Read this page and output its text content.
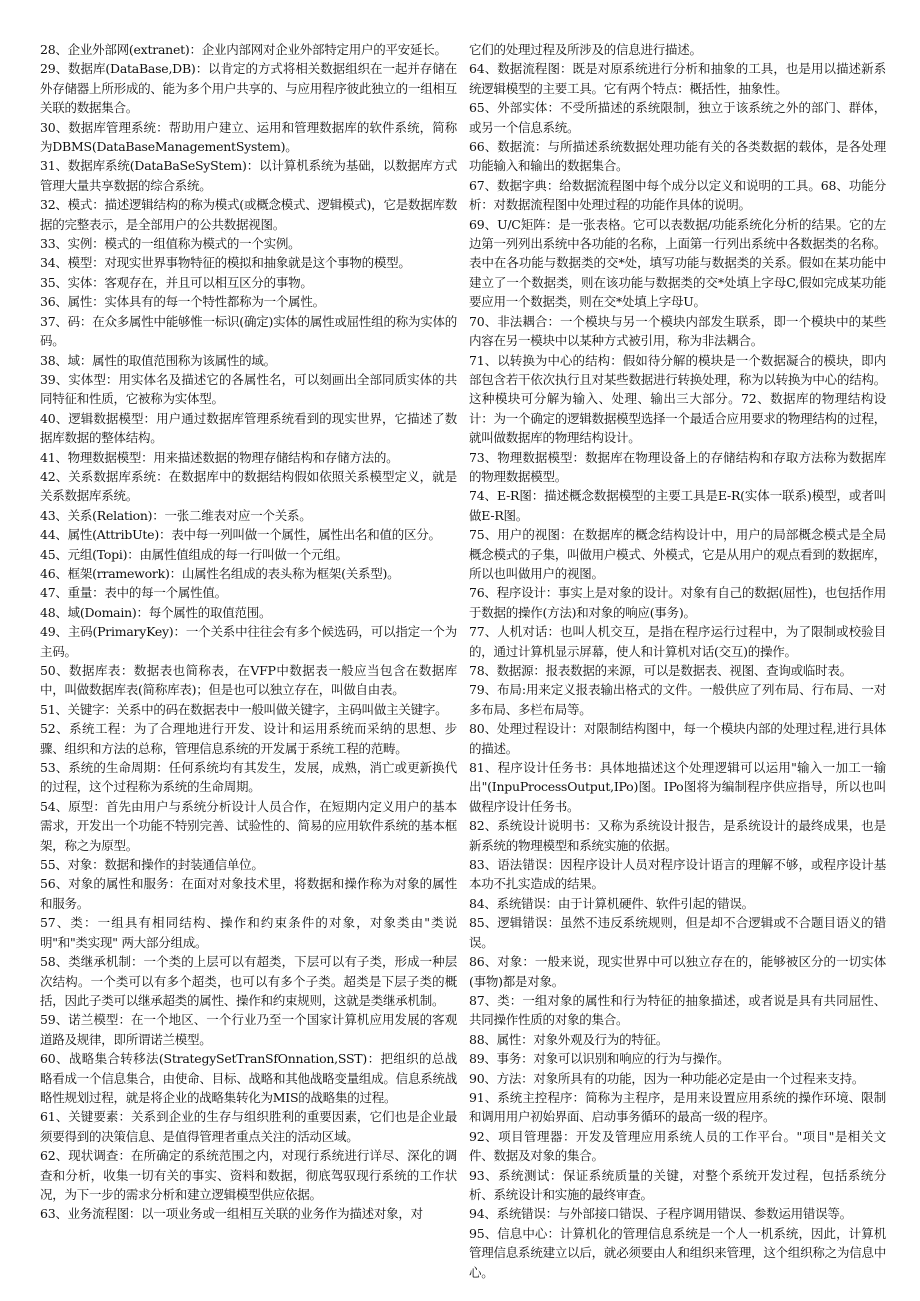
28、企业外部网(extranet)：企业内部网对企业外部特定用户的平安延长。

29、数据库(DataBase,DB)：以肯定的方式将相关数据组织在一起并存储在外存储器上所形成的、能为多个用户共享的、与应用程序彼此独立的一组相互关联的数据集合。

30、数据库管理系统：帮助用户建立、运用和管理数据库的软件系统，简称为DBMS(DataBaseManagementSystem)。

31、数据库系统(DataBaSeSyStem)：以计算机系统为基础，以数据库方式管理大量共享数据的综合系统。

32、模式：描述逻辑结构的称为模式(或概念模式、逻辑模式)，它是数据库数据的完整表示，是全部用户的公共数据视图。

33、实例：模式的一组值称为模式的一个实例。

34、模型：对现实世界事物特征的模拟和抽象就是这个事物的模型。

35、实体：客观存在，并且可以相互区分的事物。

36、属性：实体具有的每一个特性都称为一个属性。

37、码：在众多属性中能够惟一标识(确定)实体的属性或屈性组的称为实体的码。

38、域：属性的取值范围称为该属性的域。

39、实体型：用实体名及描述它的各属性名，可以刻画出全部同质实体的共同特征和性质，它被称为实体型。

40、逻辑数据模型：用户通过数据库管理系统看到的现实世界，它描述了数据库数据的整体结构。

41、物理数据模型：用来描述数据的物理存储结构和存储方法的。

42、关系数据库系统：在数据库中的数据结构假如依照关系模型定义，就是关系数据库系统。

43、关系(Relation)：一张二维表对应一个关系。

44、属性(AttribUte)：表中每一列叫做一个属性，属性出名和值的区分。

45、元组(Topi)：由属性值组成的每一行叫做一个元组。

46、框架(rramework)：山属性名组成的表头称为框架(关系型)。

47、重量：表中的每一个属性值。

48、域(Domain)：每个属性的取值范围。

49、主码(PrimaryKey)：一个关系中往往会有多个候选码，可以指定一个为主码。

50、数据库表：数据表也简称表，在VFP中数据表一般应当包含在数据库中，叫做数据库表(简称库表)；但是也可以独立存在，叫做自由表。

51、关键字：关系中的码在数据表中一般叫做关键字，主码叫做主关键字。

52、系统工程：为了合理地进行开发、设计和运用系统而采纳的思想、步骤、组织和方法的总称，管理信息系统的开发属于系统工程的范畴。

53、系统的生命周期：任何系统均有其发生，发展，成熟，消亡或更新换代的过程，这个过程称为系统的生命周期。

54、原型：首先由用户与系统分析设计人员合作，在短期内定义用户的基本需求，开发出一个功能不特别完善、试验性的、简易的应用软件系统的基本框架，称之为原型。

55、对象：数据和操作的封装通信单位。

56、对象的属性和服务：在面对对象技术里，将数据和操作称为对象的属性和服务。

57、类：一组具有相同结构、操作和约束条件的对象，对象类由"类说明"和"类实现" 两大部分组成。

58、类继承机制：一个类的上层可以有超类，下层可以有子类，形成一种层次结构。一个类可以有多个超类，也可以有多个子类。超类是下层子类的概括，因此子类可以继承超类的属性、操作和约束规则，这就是类继承机制。

59、诺兰模型：在一个地区、一个行业乃至一个国家计算机应用发展的客观道路及规律，即所谓诺兰模型。

60、战略集合转移法(StrategySetTranSfOnnation,SST)：把组织的总战略看成一个信息集合，由使命、目标、战略和其他战略变量组成。信息系统战略性规划过程，就是将企业的战略集转化为MIS的战略集的过程。

61、关键要素：关系到企业的生存与组织胜利的重要因素，它们也是企业最须要得到的决策信息、是值得管理者重点关注的活动区域。

62、现状调查：在所确定的系统范围之内，对现行系统进行详尽、深化的调查和分析，收集一切有关的事实、资料和数据，彻底驾驭现行系统的工作状况，为下一步的需求分析和建立逻辑模型供应依据。

63、业务流程图：以一项业务或一组相互关联的业务作为描述对象，对

它们的处理过程及所涉及的信息进行描述。

64、数据流程图：既是对原系统进行分析和抽象的工具，也是用以描述新系统逻辑模型的主要工具。它有两个特点：概括性，抽象性。

65、外部实体：不受所描述的系统限制，独立于该系统之外的部门、群体，或另一个信息系统。

66、数据流：与所描述系统数据处理功能有关的各类数据的载体，是各处理功能输入和输出的数据集合。

67、数据字典：给数据流程图中每个成分以定义和说明的工具。68、功能分析：对数据流程图中处理过程的功能作具体的说明。

69、U/C矩阵：是一张表格。它可以表数据/功能系统化分析的结果。它的左边第一列列出系统中各功能的名称，上面第一行列出系统中各数据类的名称。表中在各功能与数据类的交*处，填写功能与数据类的关系。假如在某功能中建立了一个数据类，则在该功能与数据类的交*处填上字母C,假如完成某功能要应用一个数据类，则在交*处填上字母U。

70、非法耦合：一个模块与另一个模块内部发生联系，即一个模块中的某些内容在另一模块中以某种方式被引用，称为非法耦合。

71、以转换为中心的结构：假如待分解的模块是一个数据凝合的模块，即内部包含若干依次执行且对某些数据进行转换处理，称为以转换为中心的结构。这种模块可分解为输入、处理、输出三大部分。72、数据库的物理结构设计：为一个确定的逻辑数据模型选择一个最适合应用要求的物理结构的过程，就叫做数据库的物理结构设计。

73、物理数据模型：数据库在物理设备上的存储结构和存取方法称为数据库的物理数据模型。

74、E-R图：描述概念数据模型的主要工具是E-R(实体一联系)模型，或者叫做E-R图。

75、用户的视图：在数据库的概念结构设计中，用户的局部概念模式是全局概念模式的子集，叫做用户模式、外模式，它是从用户的观点看到的数据库，所以也叫做用户的视图。

76、程序设计：事实上是对象的设计。对象有自己的数据(屈性)，也包括作用于数据的操作(方法)和对象的响应(事务)。

77、人机对话：也叫人机交互，是指在程序运行过程中，为了限制或校验目的，通过计算机显示屏幕，使人和计算机对话(交互)的操作。

78、数据源：报表数据的来源，可以是数据表、视图、查询或临时表。

79、布局:用来定义报表输出格式的文件。一般供应了列布局、行布局、一对多布局、多栏布局等。

80、处理过程设计：对限制结构图中，每一个模块内部的处理过程,进行具体的描述。

81、程序设计任务书：具体地描述这个处理逻辑可以运用"输入一加工一输出"(InpuProcessOutput,IPo)图。IPo图将为编制程序供应指导，所以也叫做程序设计任务书。

82、系统设计说明书：又称为系统设计报告，是系统设计的最终成果，也是新系统的物理模型和系统实施的依据。

83、语法错误：因程序设计人员对程序设计语言的理解不够，或程序设计基本功不扎实造成的结果。

84、系统错误：由于计算机硬件、软件引起的错误。

85、逻辑错误：虽然不违反系统规则，但是却不合逻辑或不合题目语义的错误。

86、对象：一般来说，现实世界中可以独立存在的，能够被区分的一切实体(事物)都是对象。

87、类：一组对象的属性和行为特征的抽象描述，或者说是具有共同屈性、共同操作性质的对象的集合。

88、属性：对象外观及行为的特征。

89、事务：对象可以识别和响应的行为与操作。

90、方法：对象所具有的功能，因为一种功能必定是由一个过程来支持。

91、系统主控程序：简称为主程序，是用来设置应用系统的操作环境、限制和调用用户初始界面、启动事务循环的最高一级的程序。

92、项目管理器：开发及管理应用系统人员的工作平台。"项目"是相关文件、数据及对象的集合。

93、系统测试：保证系统质量的关键，对整个系统开发过程，包括系统分析、系统设计和实施的最终审查。

94、系统错误：与外部接口错误、子程序调用错误、参数运用错误等。

95、信息中心：计算机化的管理信息系统是一个人一机系统，因此，计算机管理信息系统建立以后，就必须要由人和组织来管理，这个组织称之为信息中心。
